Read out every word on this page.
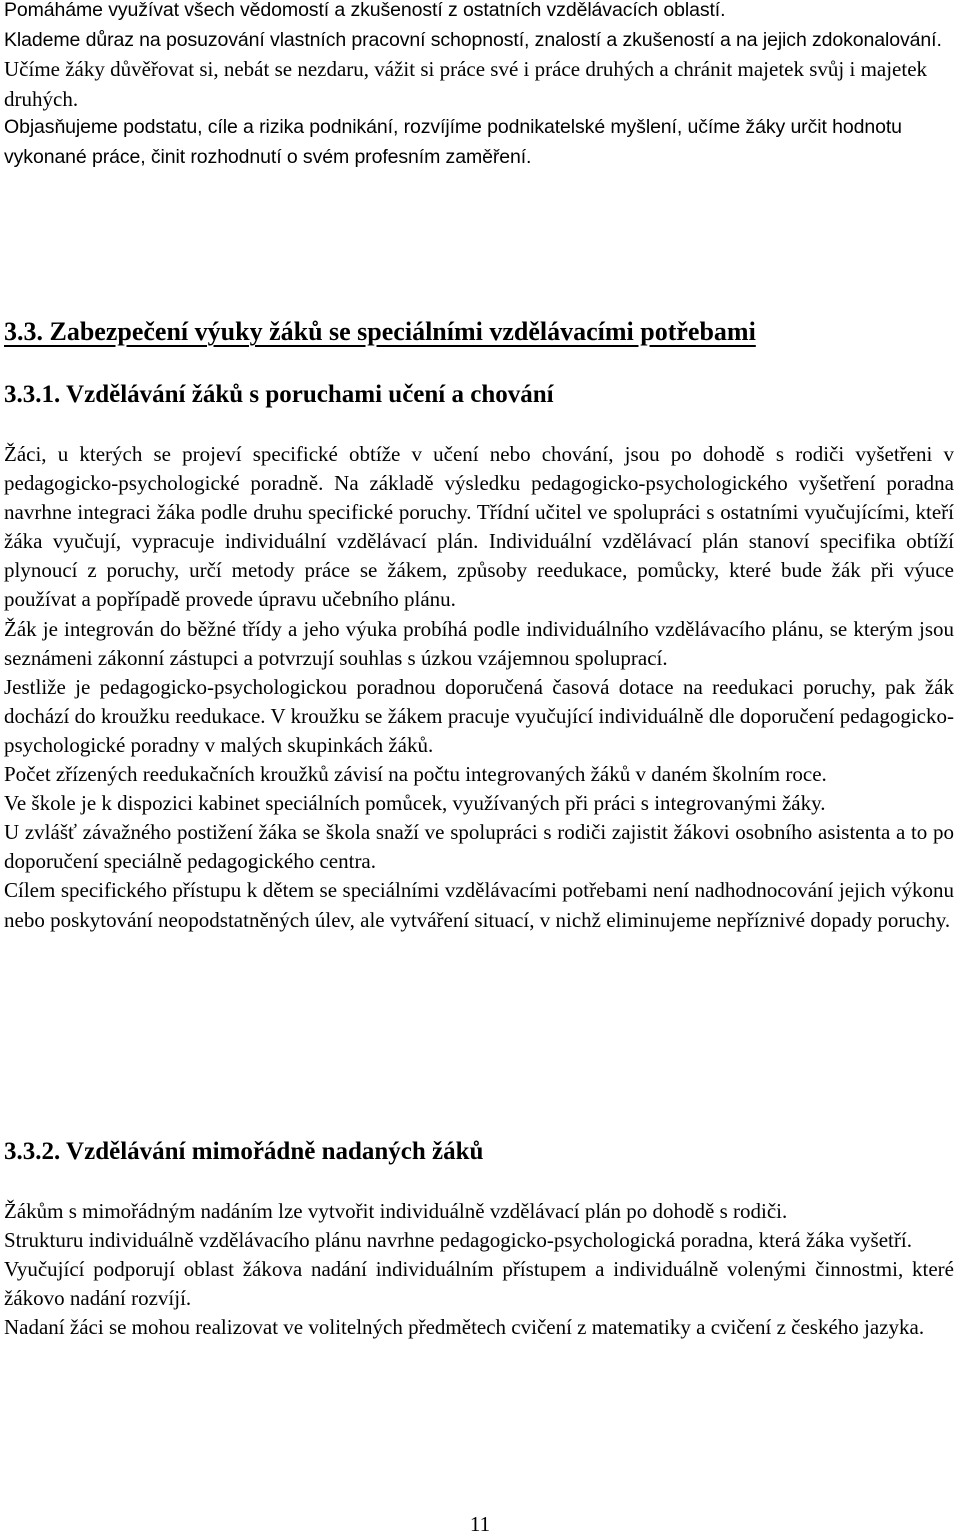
Pomáháme využívat všech vědomostí a zkušeností z ostatních vzdělávacích oblastí.

Klademe důraz na posuzování vlastních pracovní schopností, znalostí a zkušeností a na jejich zdokonalování.

Učíme žáky důvěřovat si, nebát se nezdaru, vážit si práce své i práce druhých a chránit majetek svůj i majetek druhých.

Objasňujeme podstatu, cíle a rizika podnikání, rozvíjíme podnikatelské myšlení, učíme žáky určit hodnotu vykonané práce, činit rozhodnutí o svém profesním zaměření.

3.3. Zabezpečení výuky žáků se speciálními vzdělávacími potřebami
3.3.1. Vzdělávání žáků s poruchami učení a chování

Žáci, u kterých se projeví specifické obtíže v učení nebo chování, jsou po dohodě s rodiči vyšetřeni v pedagogicko-psychologické poradně. Na základě výsledku pedagogicko-psychologického vyšetření poradna navrhne integraci žáka podle druhu specifické poruchy. Třídní učitel ve spolupráci s ostatními vyučujícími, kteří žáka vyučují, vypracuje individuální vzdělávací plán. Individuální vzdělávací plán stanoví specifika obtíží plynoucí z poruchy, určí metody práce se žákem, způsoby reedukace, pomůcky, které bude žák při výuce používat a popřípadě provede úpravu učebního plánu.

Žák je integrován do běžné třídy a jeho výuka probíhá podle individuálního vzdělávacího plánu, se kterým jsou seznámeni zákonní zástupci a potvrzují souhlas s úzkou vzájemnou spoluprací.

Jestliže je pedagogicko-psychologickou poradnou doporučená časová dotace na reedukaci poruchy, pak žák dochází do kroužku reedukace. V kroužku se žákem pracuje vyučující individuálně dle doporučení pedagogicko-psychologické poradny v malých skupinkách žáků.

Počet zřízených reedukačních kroužků závisí na počtu integrovaných žáků v daném školním roce.

Ve škole je k dispozici kabinet speciálních pomůcek, využívaných při práci s integrovanými žáky.

U zvlášť závažného postižení žáka se škola snaží ve spolupráci s rodiči zajistit žákovi osobního asistenta a to po doporučení speciálně pedagogického centra.

Cílem specifického přístupu k dětem se speciálními vzdělávacími potřebami není nadhodnocování jejich výkonu nebo poskytování neopodstatněných úlev, ale vytváření situací, v nichž eliminujeme nepříznivé dopady poruchy.

3.3.2. Vzdělávání mimořádně nadaných žáků

Žákům s mimořádným nadáním lze vytvořit individuálně vzdělávací plán po dohodě s rodiči.

Strukturu individuálně vzdělávacího plánu navrhne pedagogicko-psychologická poradna, která žáka vyšetří.

Vyučující podporují oblast žákova nadání individuálním přístupem a individuálně volenými činnostmi, které žákovo nadání rozvíjí.

Nadaní žáci se mohou realizovat ve volitelných předmětech cvičení z matematiky a cvičení z českého jazyka.

11
